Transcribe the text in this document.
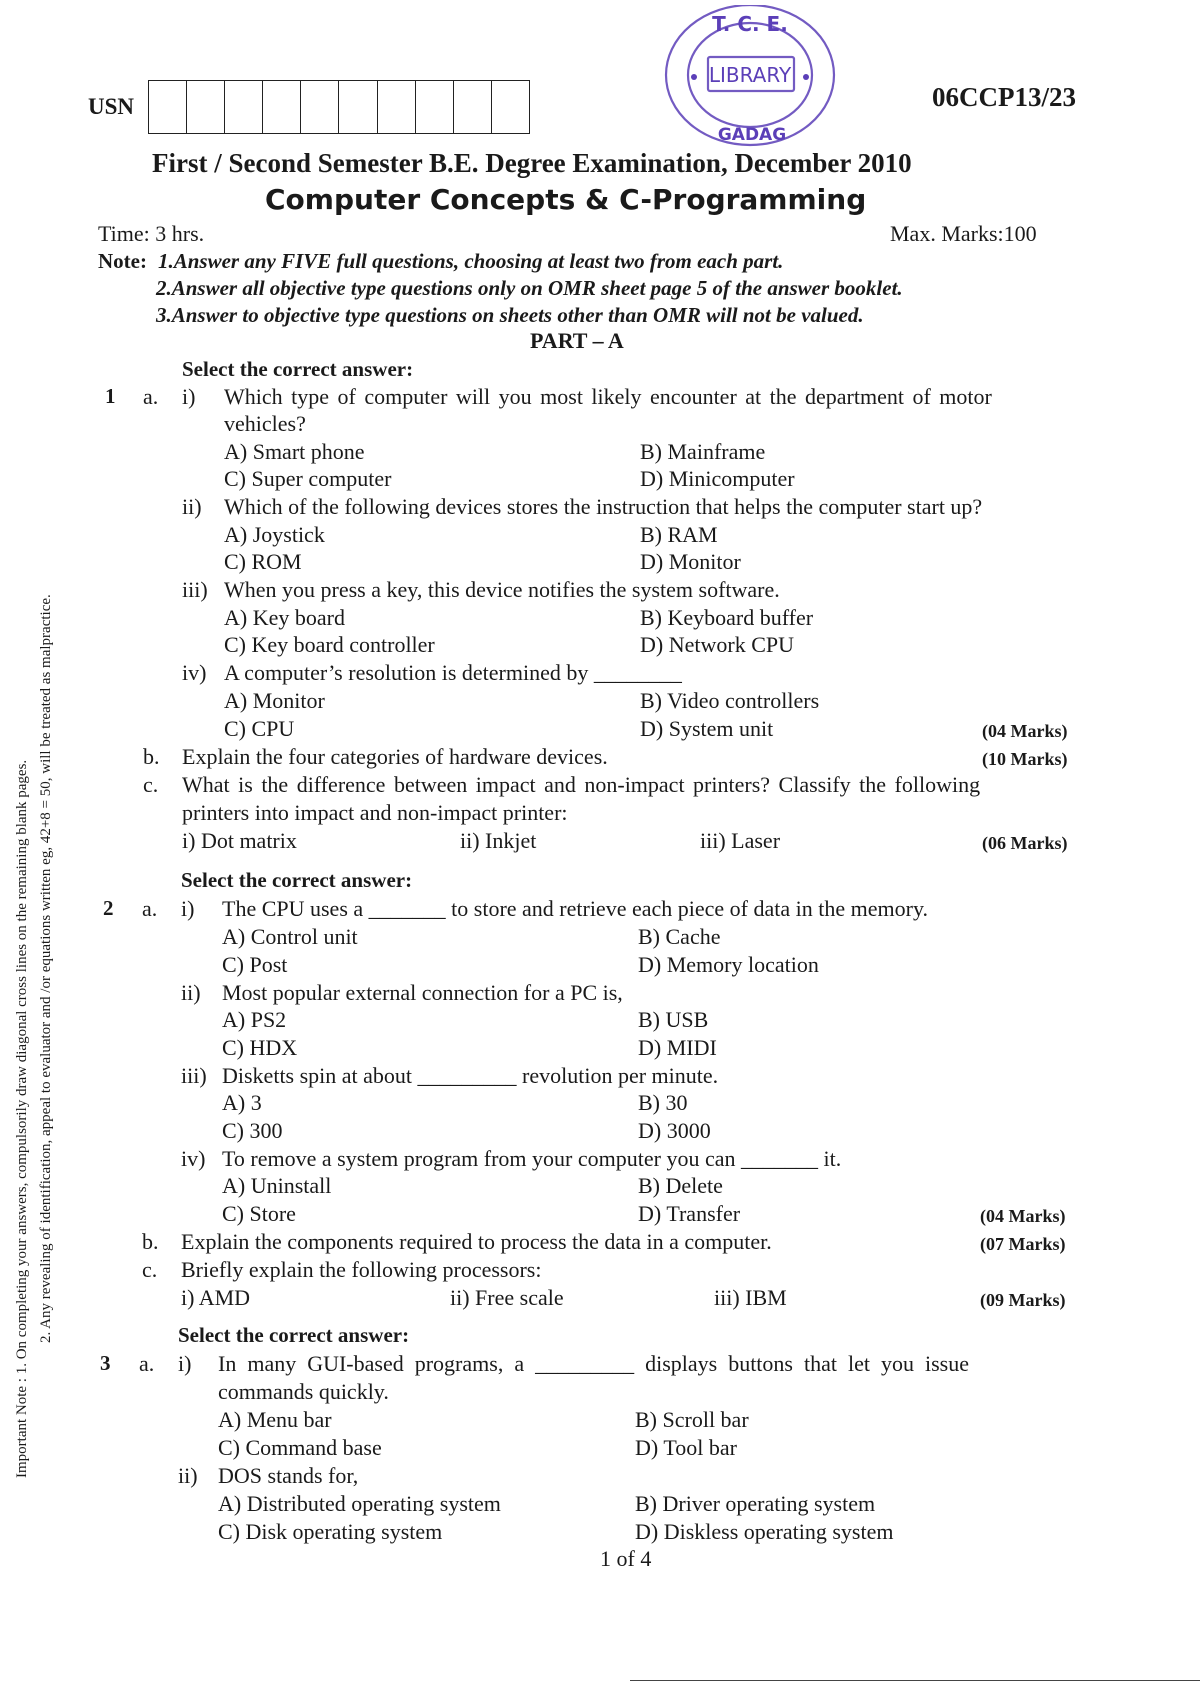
Important Note : 1. On completing your answers, compulsorily draw diagonal cross lines on the remaining blank pages. 2. Any revealing of identification, appeal to evaluator and /or equations written eg, 42+8 = 50, will be treated as malpractice.
USN
T. C. E.
LIBRARY
GADAG
06CCP13/23
First / Second Semester B.E. Degree Examination, December 2010
Computer Concepts & C-Programming
Time: 3 hrs.	Max. Marks:100
Note: 1.Answer any FIVE full questions, choosing at least two from each part.
2.Answer all objective type questions only on OMR sheet page 5 of the answer booklet.
3.Answer to objective type questions on sheets other than OMR will not be valued.
PART – A
Select the correct answer:
1 a. i) Which type of computer will you most likely encounter at the department of motor
vehicles?
A) Smart phone	B) Mainframe
C) Super computer	D) Minicomputer
ii) Which of the following devices stores the instruction that helps the computer start up?
A) Joystick	B) RAM
C) ROM	D) Monitor
iii) When you press a key, this device notifies the system software.
A) Key board	B) Keyboard buffer
C) Key board controller	D) Network CPU
iv) A computer’s resolution is determined by ________
A) Monitor	B) Video controllers
C) CPU	D) System unit	(04 Marks)
b. Explain the four categories of hardware devices.	(10 Marks)
c. What is the difference between impact and non-impact printers? Classify the following
printers into impact and non-impact printer:
i) Dot matrix	ii) Inkjet	iii) Laser	(06 Marks)
Select the correct answer:
2 a. i) The CPU uses a _______ to store and retrieve each piece of data in the memory.
A) Control unit	B) Cache
C) Post	D) Memory location
ii) Most popular external connection for a PC is,
A) PS2	B) USB
C) HDX	D) MIDI
iii) Disketts spin at about _________ revolution per minute.
A) 3	B) 30
C) 300	D) 3000
iv) To remove a system program from your computer you can _______ it.
A) Uninstall	B) Delete
C) Store	D) Transfer	(04 Marks)
b. Explain the components required to process the data in a computer.	(07 Marks)
c. Briefly explain the following processors:
i) AMD	ii) Free scale	iii) IBM	(09 Marks)
Select the correct answer:
3 a. i) In  many  GUI-based  programs,  a  _________  displays  buttons  that  let  you  issue
commands quickly.
A) Menu bar	B) Scroll bar
C) Command base	D) Tool bar
ii) DOS stands for,
A) Distributed operating system	B) Driver operating system
C) Disk operating system	D) Diskless operating system
1 of 4
